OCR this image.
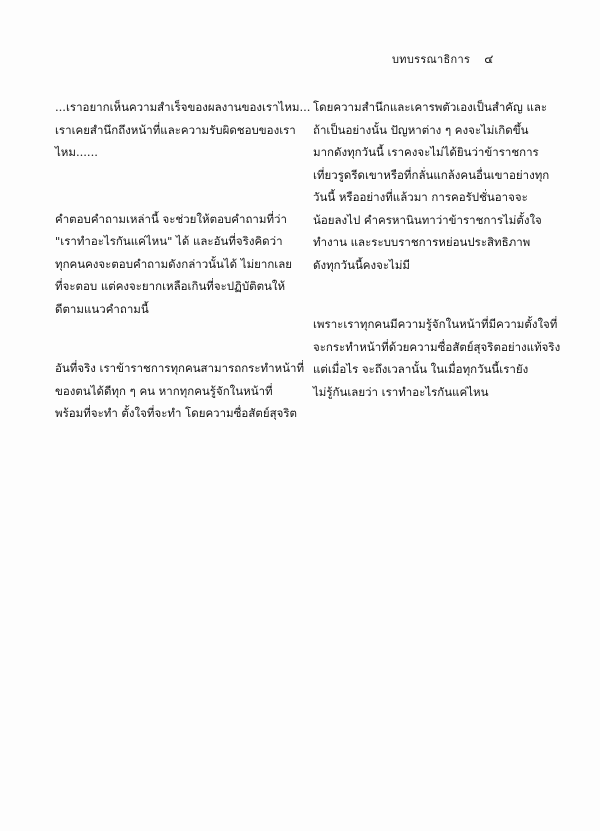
บทบรรณาธิการ ๔

...เราอยากเห็นความสำเร็จของผลงานของเราไหม...
เราเคยสำนึกถึงหน้าที่และความรับผิดชอบของเรา
ไหม......

คำตอบคำถามเหล่านี้ จะช่วยให้ตอบคำถามที่ว่า
"เราทำอะไรกันแค่ไหน" ได้ และอันที่จริงคิดว่า
ทุกคนคงจะตอบคำถามดังกล่าวนั้นได้ ไม่ยากเลย
ที่จะตอบ แต่คงจะยากเหลือเกินที่จะปฏิบัติตนให้
ดีตามแนวคำถามนี้

อันที่จริง เราข้าราชการทุกคนสามารถกระทำหน้าที่
ของตนได้ดีทุก ๆ คน หากทุกคนรู้จักในหน้าที่
พร้อมที่จะทำ ตั้งใจที่จะทำ โดยความซื่อสัตย์สุจริต

โดยความสำนึกและเคารพตัวเองเป็นสำคัญ และ
ถ้าเป็นอย่างนั้น ปัญหาต่าง ๆ คงจะไม่เกิดขึ้น
มากดังทุกวันนี้ เราคงจะไม่ได้ยินว่าข้าราชการ
เที่ยวรูดรีดเขาหรือที่กลั่นแกล้งคนอื่นเขาอย่างทุก
วันนี้ หรืออย่างที่แล้วมา การคอรัปชั่นอาจจะ
น้อยลงไป คำครหานินทาว่าข้าราชการไม่ตั้งใจ
ทำงาน และระบบราชการหย่อนประสิทธิภาพ
ดังทุกวันนี้คงจะไม่มี

เพราะเราทุกคนมีความรู้จักในหน้าที่มีความตั้งใจที่
จะกระทำหน้าที่ด้วยความซื่อสัตย์สุจริตอย่างแท้จริง
แต่เมื่อไร จะถึงเวลานั้น ในเมื่อทุกวันนี้เรายัง
ไม่รู้กันเลยว่า เราทำอะไรกันแค่ไหน
